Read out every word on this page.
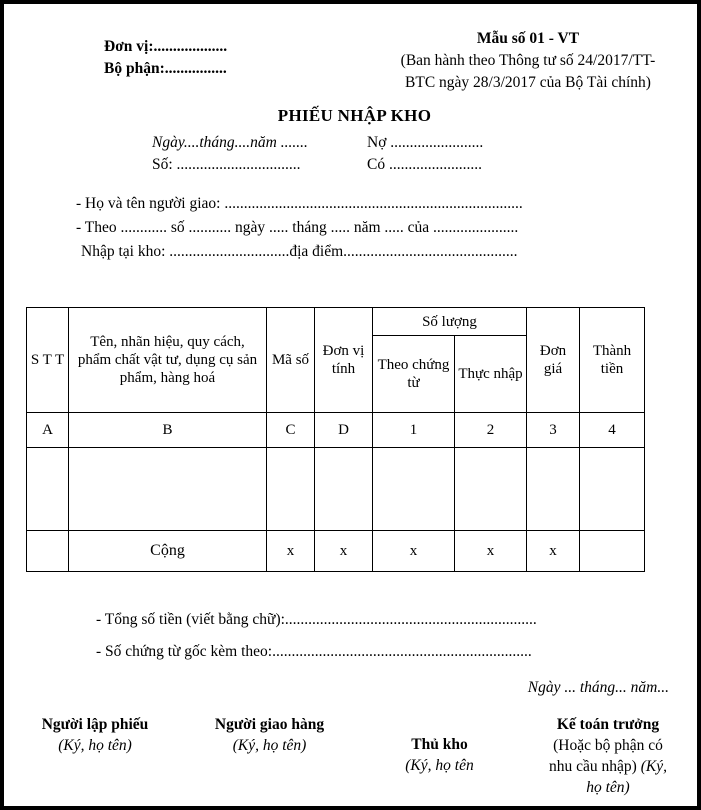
Đơn vị:...................
Bộ phận:................
Mẫu số 01 - VT
(Ban hành theo Thông tư số 24/2017/TT-
BTC ngày 28/3/2017 của Bộ Tài chính)
PHIẾU NHẬP KHO
Ngày....tháng....năm .......	Nợ ........................
Số: ................................	Có ........................
- Họ và tên người giao: .............................................................................
- Theo ............ số ........... ngày ..... tháng ..... năm ..... của ......................
Nhập tại kho: ...............................địa điểm.............................................
S T T	Tên, nhãn hiệu, quy cách, phẩm chất vật tư, dụng cụ sản phẩm, hàng hoá	Mã số	Đơn vị tính	Số lượng		Đơn giá	Thành tiền
				Theo chứng từ	Thực nhập		
A	B	C	D	1	2	3	4

	Cộng	x	x	x	x	x	
- Tổng số tiền (viết bằng chữ):.................................................................
- Số chứng từ gốc kèm theo:...................................................................
Ngày ... tháng... năm...
Người lập phiếu
(Ký, họ tên)
Người giao hàng
(Ký, họ tên)	Thủ kho
(Ký, họ tên
Kế toán trưởng
(Hoặc bộ phận có
nhu cầu nhập) (Ký,
họ tên)
